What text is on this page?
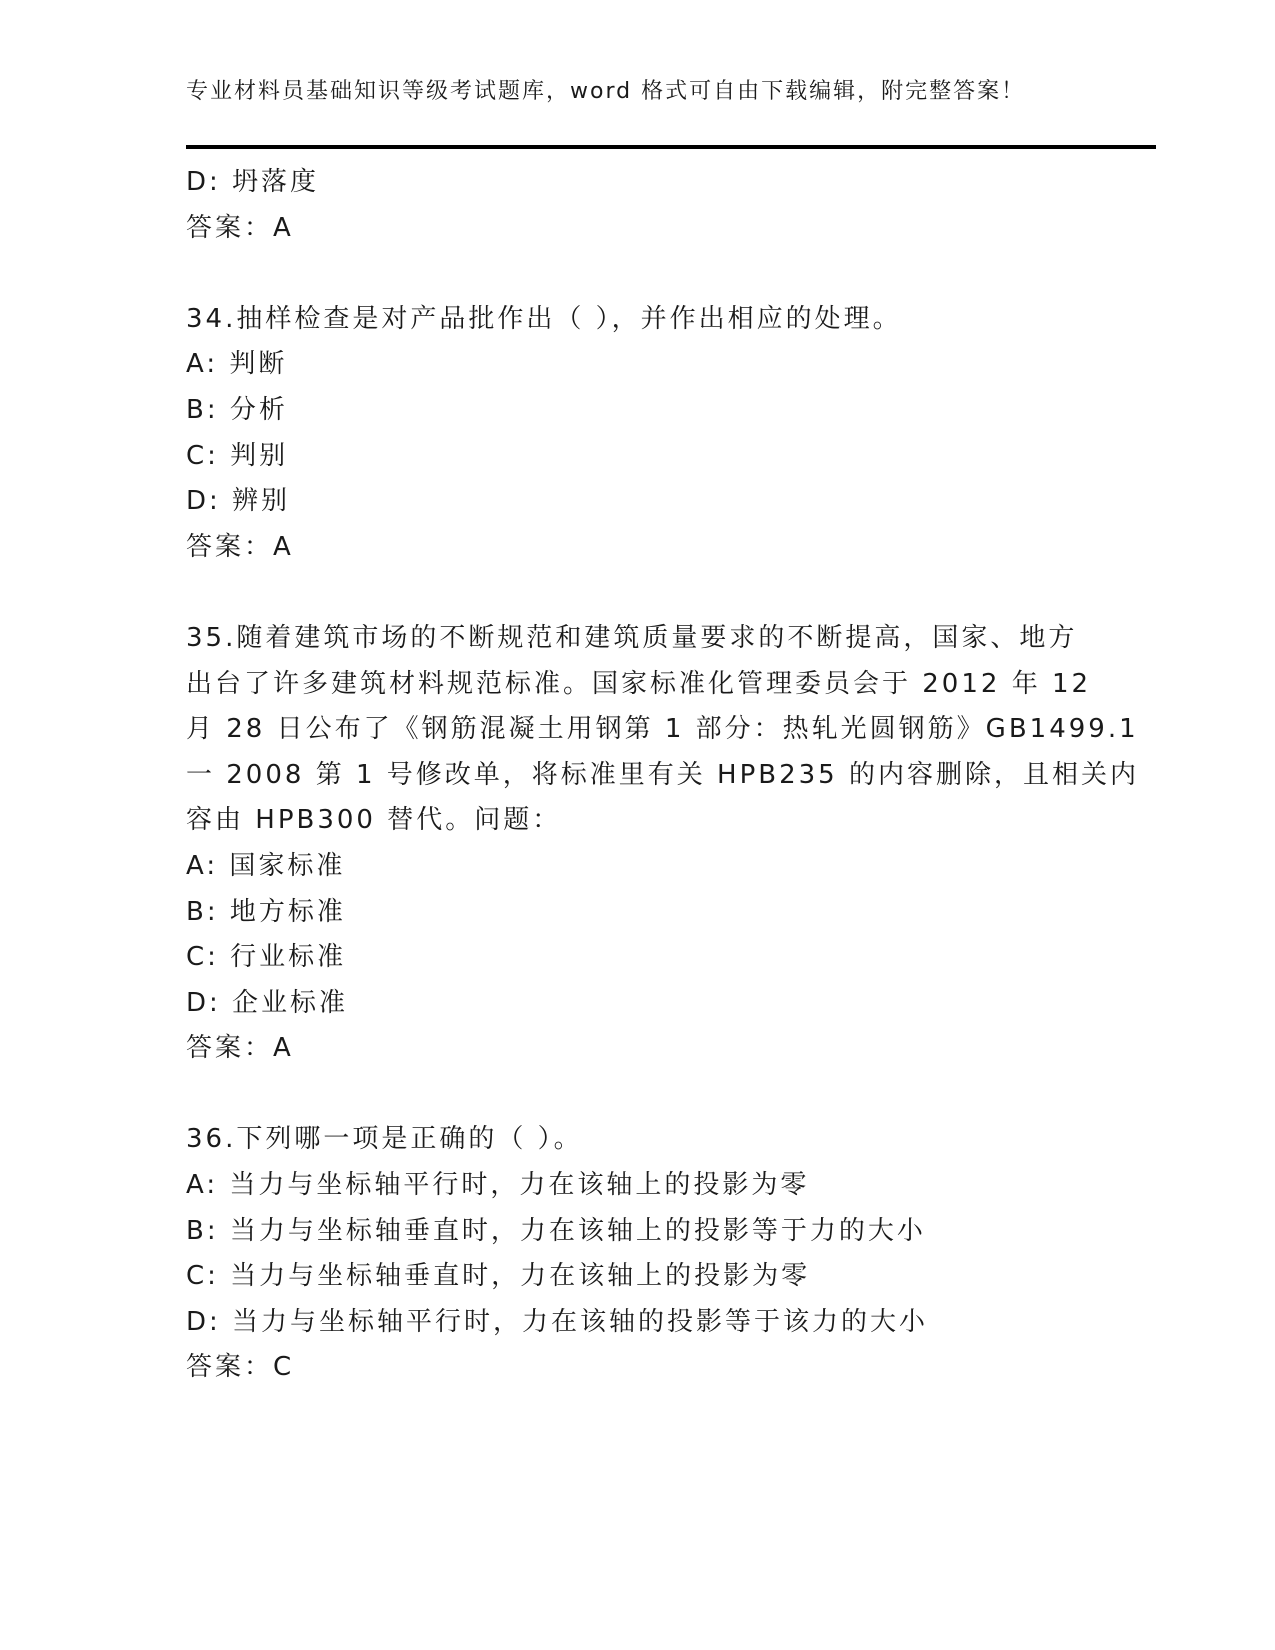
专业材料员基础知识等级考试题库，word 格式可自由下载编辑，附完整答案！
D: 坍落度
答案：A
34.抽样检查是对产品批作出（ ），并作出相应的处理。
A: 判断
B: 分析
C: 判别
D: 辨别
答案：A
35.随着建筑市场的不断规范和建筑质量要求的不断提高，国家、地方
出台了许多建筑材料规范标准。国家标准化管理委员会于 2012 年 12
月 28 日公布了《钢筋混凝土用钢第 1 部分：热轧光圆钢筋》GB1499.1
一 2008 第 1 号修改单，将标准里有关 HPB235 的内容删除，且相关内
容由 HPB300 替代。问题：
A: 国家标准
B: 地方标准
C: 行业标准
D: 企业标准
答案：A
36.下列哪一项是正确的（ ）。
A: 当力与坐标轴平行时，力在该轴上的投影为零
B: 当力与坐标轴垂直时，力在该轴上的投影等于力的大小
C: 当力与坐标轴垂直时，力在该轴上的投影为零
D: 当力与坐标轴平行时，力在该轴的投影等于该力的大小
答案：C
